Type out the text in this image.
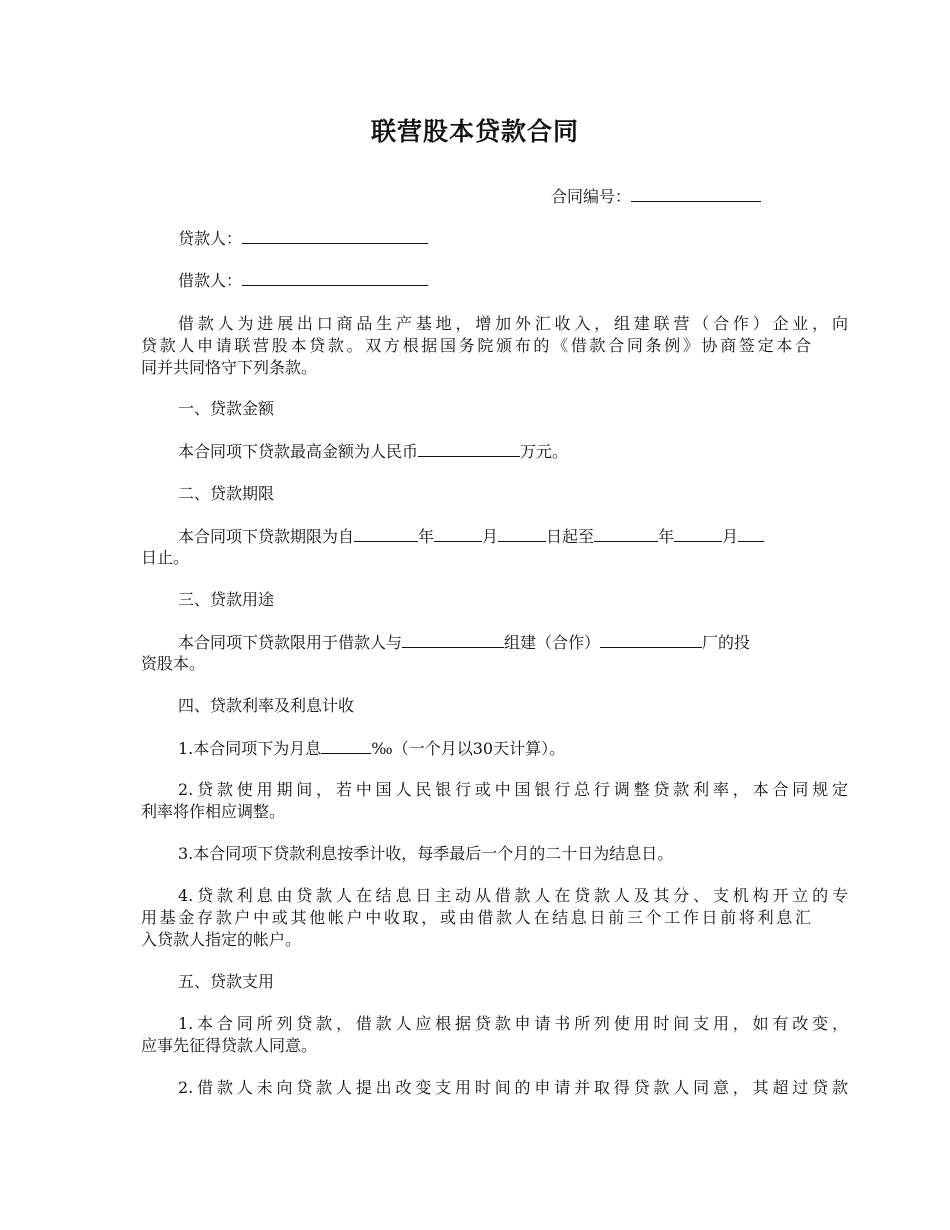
联营股本贷款合同
合同编号：
贷款人：
借款人：
借款人为进展出口商品生产基地，增加外汇收入，组建联营（合作）企业，向
贷款人申请联营股本贷款。双方根据国务院颁布的《借款合同条例》协商签定本合
同并共同恪守下列条款。
一、贷款金额
本合同项下贷款最高金额为人民币	万元。
二、贷款期限
本合同项下贷款期限为自	年	月	日起至	年	月
日止。
三、贷款用途
本合同项下贷款限用于借款人与	组建（合作）	厂的投
资股本。
四、贷款利率及利息计收
1.本合同项下为月息	‰（一个月以30天计算）。
2.贷款使用期间，若中国人民银行或中国银行总行调整贷款利率，本合同规定
利率将作相应调整。
3.本合同项下贷款利息按季计收，每季最后一个月的二十日为结息日。
4.贷款利息由贷款人在结息日主动从借款人在贷款人及其分、支机构开立的专
用基金存款户中或其他帐户中收取，或由借款人在结息日前三个工作日前将利息汇
入贷款人指定的帐户。
五、贷款支用
1.本合同所列贷款，借款人应根据贷款申请书所列使用时间支用，如有改变，
应事先征得贷款人同意。
2.借款人未向贷款人提出改变支用时间的申请并取得贷款人同意，其超过贷款
